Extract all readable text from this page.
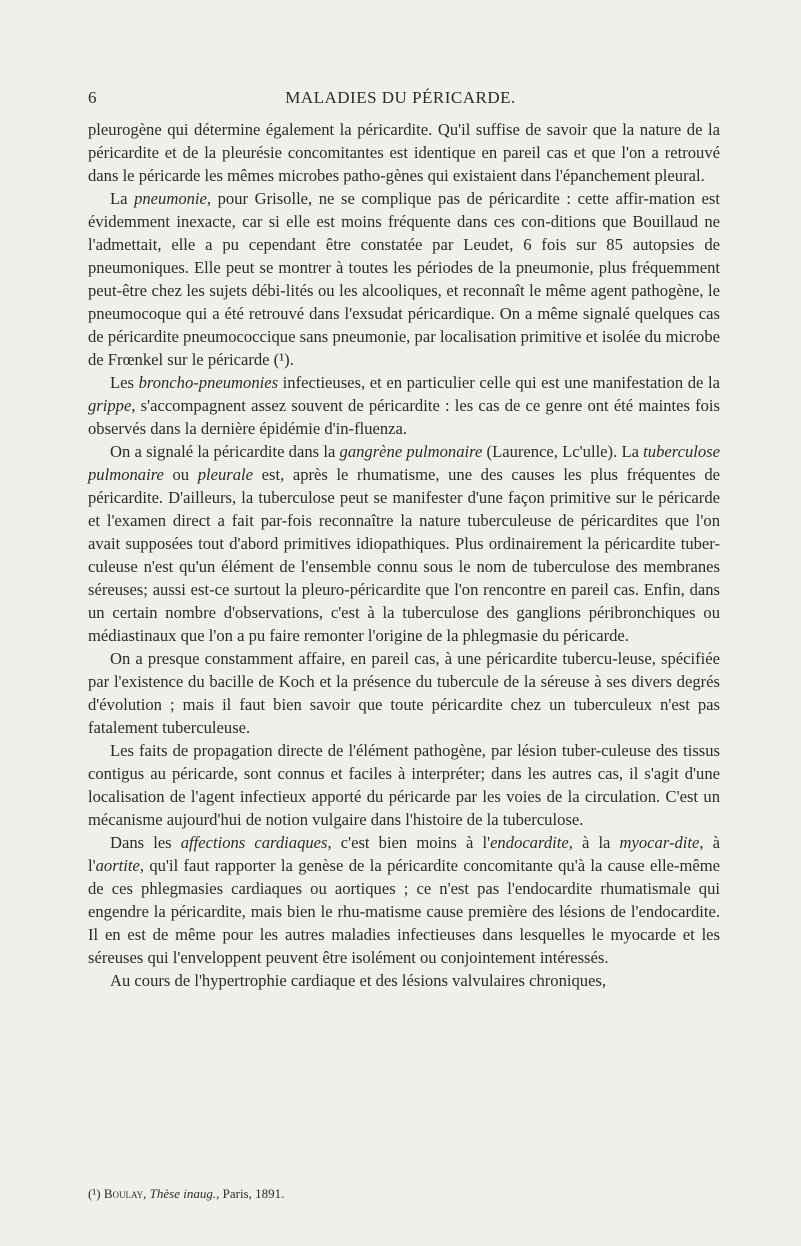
6	MALADIES DU PÉRICARDE.

pleurogène qui détermine également la péricardite. Qu'il suffise de savoir que la nature de la péricardite et de la pleurésie concomitantes est identique en pareil cas et que l'on a retrouvé dans le péricarde les mêmes microbes patho-gènes qui existaient dans l'épanchement pleural.

La pneumonie, pour Grisolle, ne se complique pas de péricardite : cette affir-mation est évidemment inexacte, car si elle est moins fréquente dans ces con-ditions que Bouillaud ne l'admettait, elle a pu cependant être constatée par Leudet, 6 fois sur 85 autopsies de pneumoniques. Elle peut se montrer à toutes les périodes de la pneumonie, plus fréquemment peut-être chez les sujets débi-lités ou les alcooliques, et reconnaît le même agent pathogène, le pneumocoque qui a été retrouvé dans l'exsudat péricardique. On a même signalé quelques cas de péricardite pneumococcique sans pneumonie, par localisation primitive et isolée du microbe de Frœnkel sur le péricarde (¹).

Les broncho-pneumonies infectieuses, et en particulier celle qui est une manifestation de la grippe, s'accompagnent assez souvent de péricardite : les cas de ce genre ont été maintes fois observés dans la dernière épidémie d'in-fluenza.

On a signalé la péricardite dans la gangrène pulmonaire (Laurence, Lc'ulle). La tuberculose pulmonaire ou pleurale est, après le rhumatisme, une des causes les plus fréquentes de péricardite. D'ailleurs, la tuberculose peut se manifester d'une façon primitive sur le péricarde et l'examen direct a fait par-fois reconnaître la nature tuberculeuse de péricardites que l'on avait supposées tout d'abord primitives idiopathiques. Plus ordinairement la péricardite tuber-culeuse n'est qu'un élément de l'ensemble connu sous le nom de tuberculose des membranes séreuses; aussi est-ce surtout la pleuro-péricardite que l'on rencontre en pareil cas. Enfin, dans un certain nombre d'observations, c'est à la tuberculose des ganglions péribronchiques ou médiastinaux que l'on a pu faire remonter l'origine de la phlegmasie du péricarde.

On a presque constamment affaire, en pareil cas, à une péricardite tubercu-leuse, spécifiée par l'existence du bacille de Koch et la présence du tubercule de la séreuse à ses divers degrés d'évolution ; mais il faut bien savoir que toute péricardite chez un tuberculeux n'est pas fatalement tuberculeuse.

Les faits de propagation directe de l'élément pathogène, par lésion tuber-culeuse des tissus contigus au péricarde, sont connus et faciles à interpréter; dans les autres cas, il s'agit d'une localisation de l'agent infectieux apporté du péricarde par les voies de la circulation. C'est un mécanisme aujourd'hui de notion vulgaire dans l'histoire de la tuberculose.

Dans les affections cardiaques, c'est bien moins à l'endocardite, à la myocar-dite, à l'aortite, qu'il faut rapporter la genèse de la péricardite concomitante qu'à la cause elle-même de ces phlegmasies cardiaques ou aortiques ; ce n'est pas l'endocardite rhumatismale qui engendre la péricardite, mais bien le rhu-matisme cause première des lésions de l'endocardite. Il en est de même pour les autres maladies infectieuses dans lesquelles le myocarde et les séreuses qui l'enveloppent peuvent être isolément ou conjointement intéressés.

Au cours de l'hypertrophie cardiaque et des lésions valvulaires chroniques,

(¹) Boulay, Thèse inaug., Paris, 1891.
